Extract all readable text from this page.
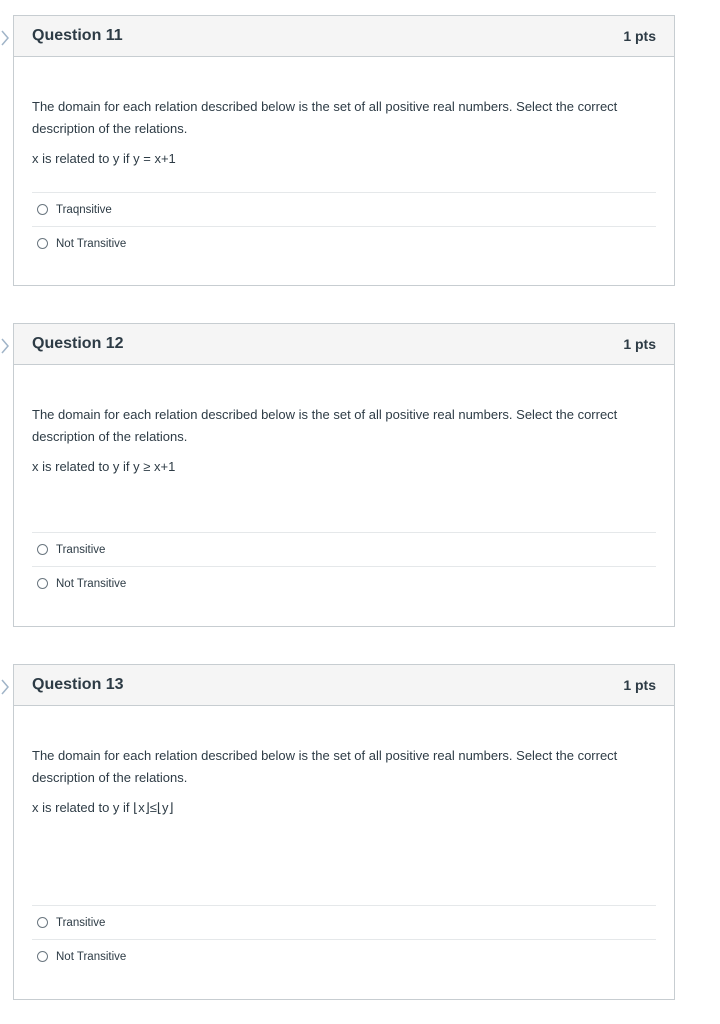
Question 11	1 pts
The domain for each relation described below is the set of all positive real numbers. Select the correct description of the relations.
x is related to y if y = x+1
Traqnsitive
Not Transitive
Question 12	1 pts
The domain for each relation described below is the set of all positive real numbers. Select the correct description of the relations.
x is related to y if y ≥ x+1
Transitive
Not Transitive
Question 13	1 pts
The domain for each relation described below is the set of all positive real numbers. Select the correct description of the relations.
x is related to y if ⌊x⌋≤⌊y⌋
Transitive
Not Transitive
